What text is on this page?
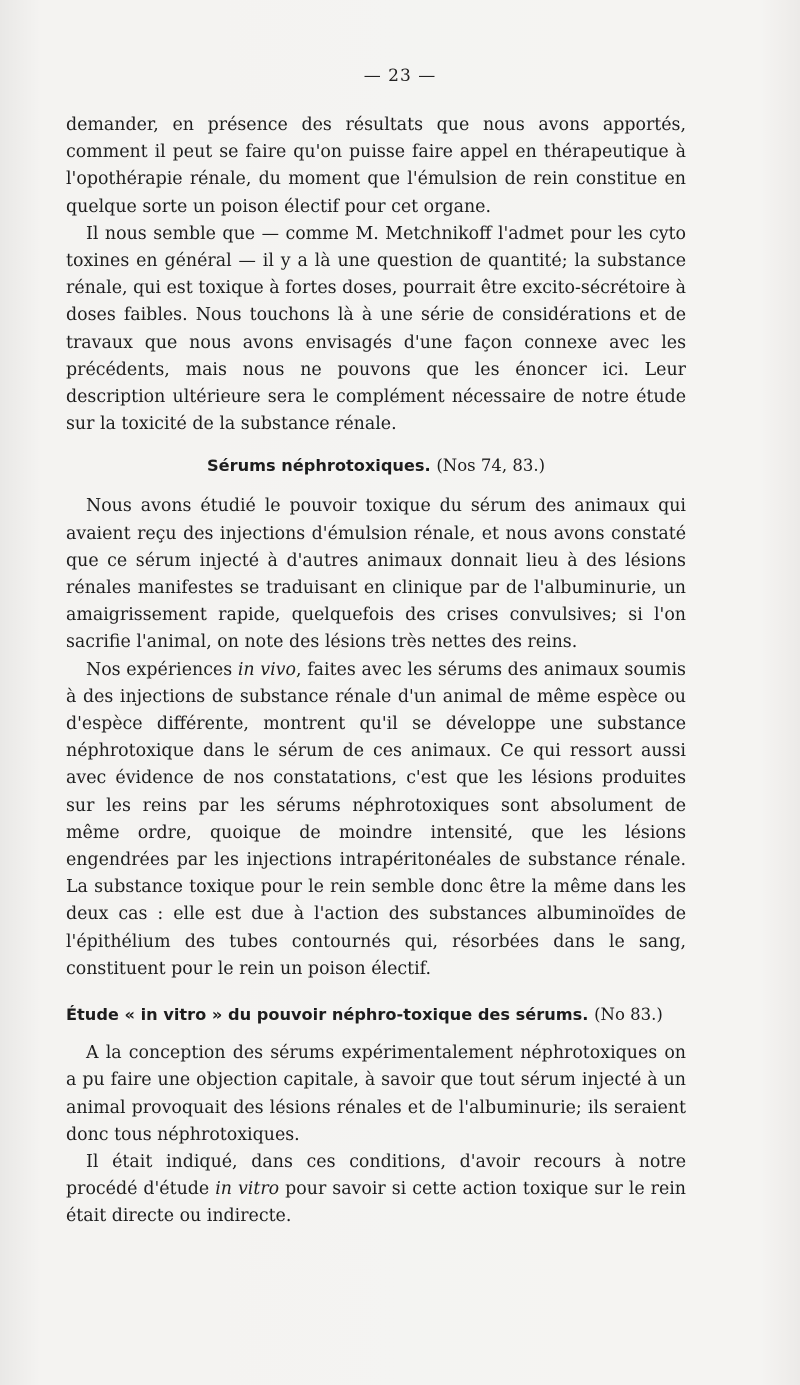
— 23 —

demander, en présence des résultats que nous avons apportés, comment il peut se faire qu'on puisse faire appel en thérapeutique à l'opothérapie rénale, du moment que l'émulsion de rein constitue en quelque sorte un poison électif pour cet organe.

Il nous semble que — comme M. Metchnikoff l'admet pour les cyto toxines en général — il y a là une question de quantité; la substance rénale, qui est toxique à fortes doses, pourrait être excito-sécrétoire à doses faibles. Nous touchons là à une série de considérations et de travaux que nous avons envisagés d'une façon connexe avec les précédents, mais nous ne pouvons que les énoncer ici. Leur description ultérieure sera le complément nécessaire de notre étude sur la toxicité de la substance rénale.

Sérums néphrotoxiques. (Nos 74, 83.)

Nous avons étudié le pouvoir toxique du sérum des animaux qui avaient reçu des injections d'émulsion rénale, et nous avons constaté que ce sérum injecté à d'autres animaux donnait lieu à des lésions rénales manifestes se traduisant en clinique par de l'albuminurie, un amaigrissement rapide, quelquefois des crises convulsives; si l'on sacrifie l'animal, on note des lésions très nettes des reins.

Nos expériences in vivo, faites avec les sérums des animaux soumis à des injections de substance rénale d'un animal de même espèce ou d'espèce différente, montrent qu'il se développe une substance néphrotoxique dans le sérum de ces animaux. Ce qui ressort aussi avec évidence de nos constatations, c'est que les lésions produites sur les reins par les sérums néphrotoxiques sont absolument de même ordre, quoique de moindre intensité, que les lésions engendrées par les injections intrapéritonéales de substance rénale. La substance toxique pour le rein semble donc être la même dans les deux cas : elle est due à l'action des substances albuminoïdes de l'épithélium des tubes contournés qui, résorbées dans le sang, constituent pour le rein un poison électif.

Étude « in vitro » du pouvoir néphro-toxique des sérums. (No 83.)

A la conception des sérums expérimentalement néphrotoxiques on a pu faire une objection capitale, à savoir que tout sérum injecté à un animal provoquait des lésions rénales et de l'albuminurie; ils seraient donc tous néphrotoxiques.

Il était indiqué, dans ces conditions, d'avoir recours à notre procédé d'étude in vitro pour savoir si cette action toxique sur le rein était directe ou indirecte.
